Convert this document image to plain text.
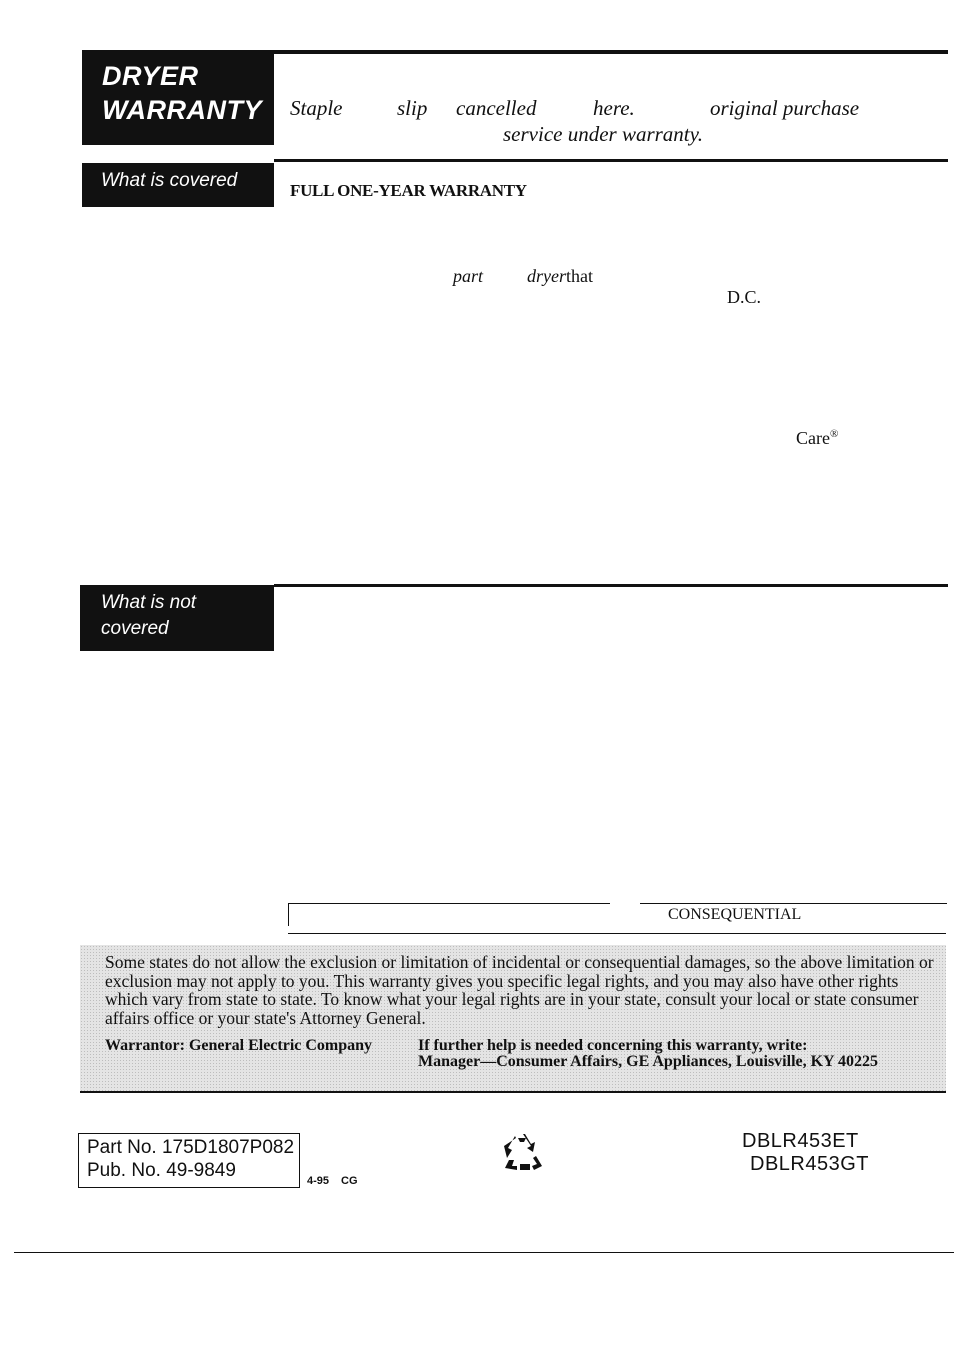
DRYER
WARRANTY Staple	slip cancelled	here.	original purchase
service under warranty.
What is covered	FULL ONE-YEAR WARRANTY
part dryer that
D.C.
Care®
What is not
covered
CONSEQUENTIAL
Some states do not allow the exclusion or limitation of incidental or consequential damages, so the above limitation or exclusion may not apply to you. This warranty gives you specific legal rights, and you may also have other rights which vary from state to state. To know what your legal rights are in your state, consult your local or state consumer affairs office or your state's Attorney General.
Warrantor: General Electric Company	If further help is needed concerning this warranty, write:
Manager—Consumer Affairs, GE Appliances, Louisville, KY 40225
Part No. 175D1807P082
Pub. No. 49-9849	4-95 CG
DBLR453ET DBLR453GT
